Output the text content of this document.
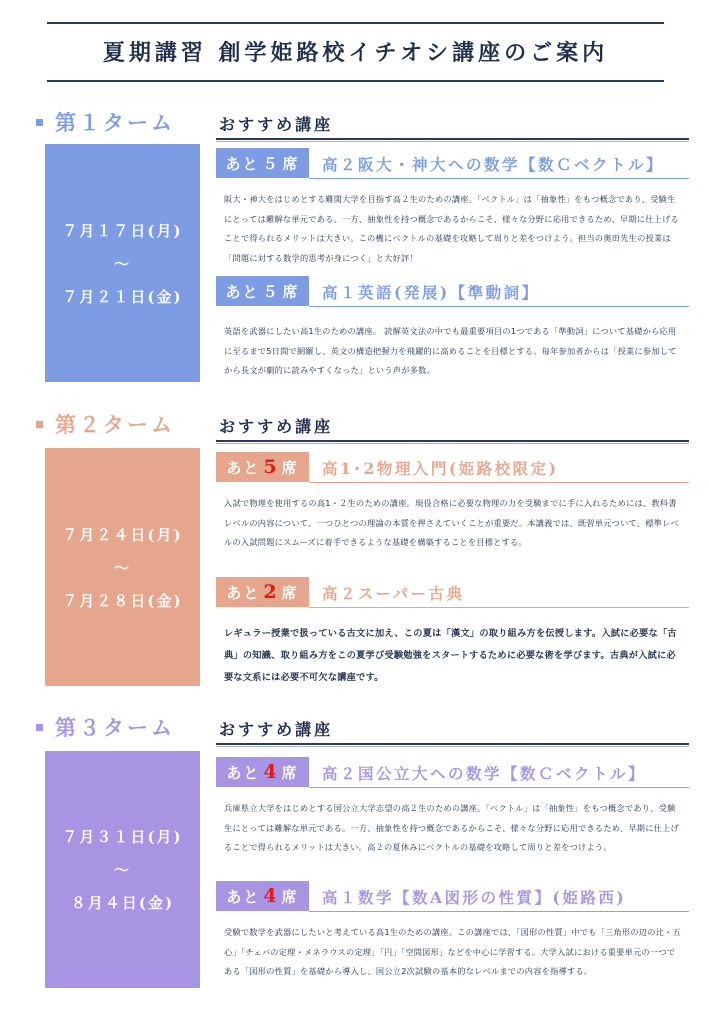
夏期講習 創学姫路校イチオシ講座のご案内
第１ターム	おすすめ講座
７月１７日(月)
〜
７月２１日(金)
あと ５ 席 高２阪大・神大への数学【数Ｃベクトル】
阪大・神大をはじめとする難関大学を目指す高２生のための講座。「ベクトル」は「抽象性」をもつ概念であり、受験生にとっては難解な単元である。一方、抽象性を持つ概念であるからこそ、様々な分野に応用できるため、早期に仕上げることで得られるメリットは大きい。この機にベクトルの基礎を攻略して周りと差をつけよう。担当の奥田先生の授業は「問題に対する数学的思考が身につく」と大好評！
あと ５ 席 高１英語(発展)【準動詞】
英語を武器にしたい高1生のための講座。 読解英文法の中でも最重要項目の1つである「準動詞」について基礎から応用に至るまで5日間で網羅し、英文の構造把握力を飛躍的に高めることを目標とする。毎年参加者からは「授業に参加してから長文が劇的に読みやすくなった」という声が多数。
第２ターム	おすすめ講座
７月２４日(月)
〜
７月２８日(金)
あと 5 席 高1･2物理入門(姫路校限定)
入試で物理を使用するの高1・２生のための講座。現役合格に必要な物理の力を受験までに手に入れるためには、教科書レベルの内容について、一つひとつの理論の本質を押さえていくことが重要だ。本講義では、既習単元ついて、標準レベルの入試問題にスムーズに着手できるような基礎を構築することを目標とする。
あと 2 席 高２スーパー古典
レギュラー授業で扱っている古文に加え、この夏は「漢文」の取り組み方を伝授します。入試に必要な「古典」の知識、取り組み方をこの夏学び受験勉強をスタートするために必要な術を学びます。古典が入試に必要な文系には必要不可欠な講座です。
第３ターム	おすすめ講座
７月３１日(月)
〜
８月４日(金)
あと 4 席 高２国公立大への数学【数Ｃベクトル】
兵庫県立大学をはじめとする国公立大学志望の高２生のための講座。「ベクトル」は「抽象性」をもつ概念であり、受験生にとっては難解な単元である。一方、抽象性を持つ概念であるからこそ、様々な分野に応用できるため、早期に仕上げることで得られるメリットは大きい。高２の夏休みにベクトルの基礎を攻略して周りと差をつけよう。
あと 4 席 高１数学【数A図形の性質】(姫路西)
受験で数学を武器にしたいと考えている高1生のための講座。この講座では、「図形の性質」中でも「三角形の辺の比・五心」「チェバの定理・メネラウスの定理」「円」「空間図形」などを中心に学習する。大学入試における重要単元の一つである「図形の性質」を基礎から導入し、国公立2次試験の基本的なレベルまでの内容を指導する。
